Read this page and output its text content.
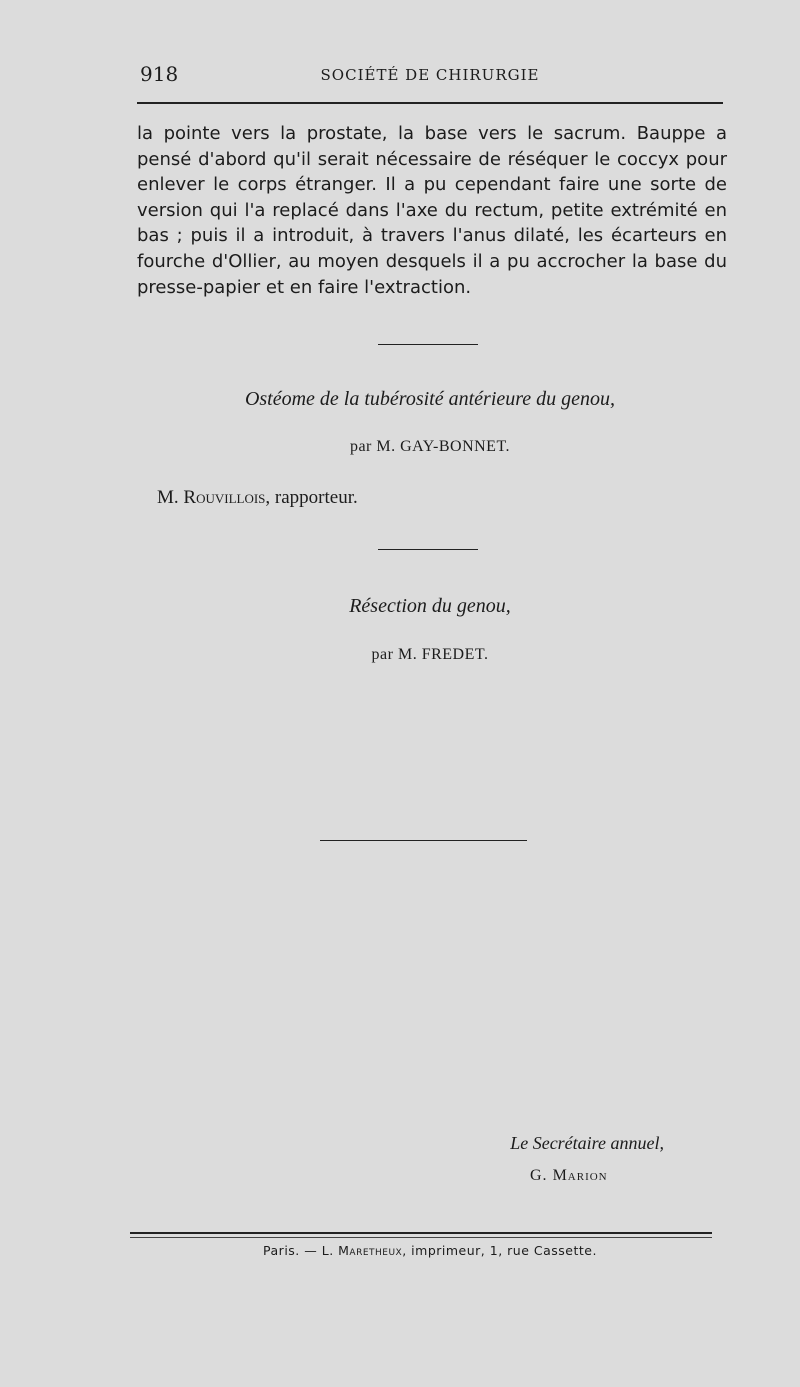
918	SOCIÉTÉ DE CHIRURGIE
la pointe vers la prostate, la base vers le sacrum. Bauppe a pensé d'abord qu'il serait nécessaire de réséquer le coccyx pour enlever le corps étranger. Il a pu cependant faire une sorte de version qui l'a replacé dans l'axe du rectum, petite extrémité en bas ; puis il a introduit, à travers l'anus dilaté, les écarteurs en fourche d'Ollier, au moyen desquels il a pu accrocher la base du presse-papier et en faire l'extraction.
Ostéome de la tubérosité antérieure du genou,
par M. GAY-BONNET.
M. Rouvillois, rapporteur.
Résection du genou,
par M. FREDET.
Le Secrétaire annuel,
G. Marion
Paris. — L. Maretheux, imprimeur, 1, rue Cassette.
